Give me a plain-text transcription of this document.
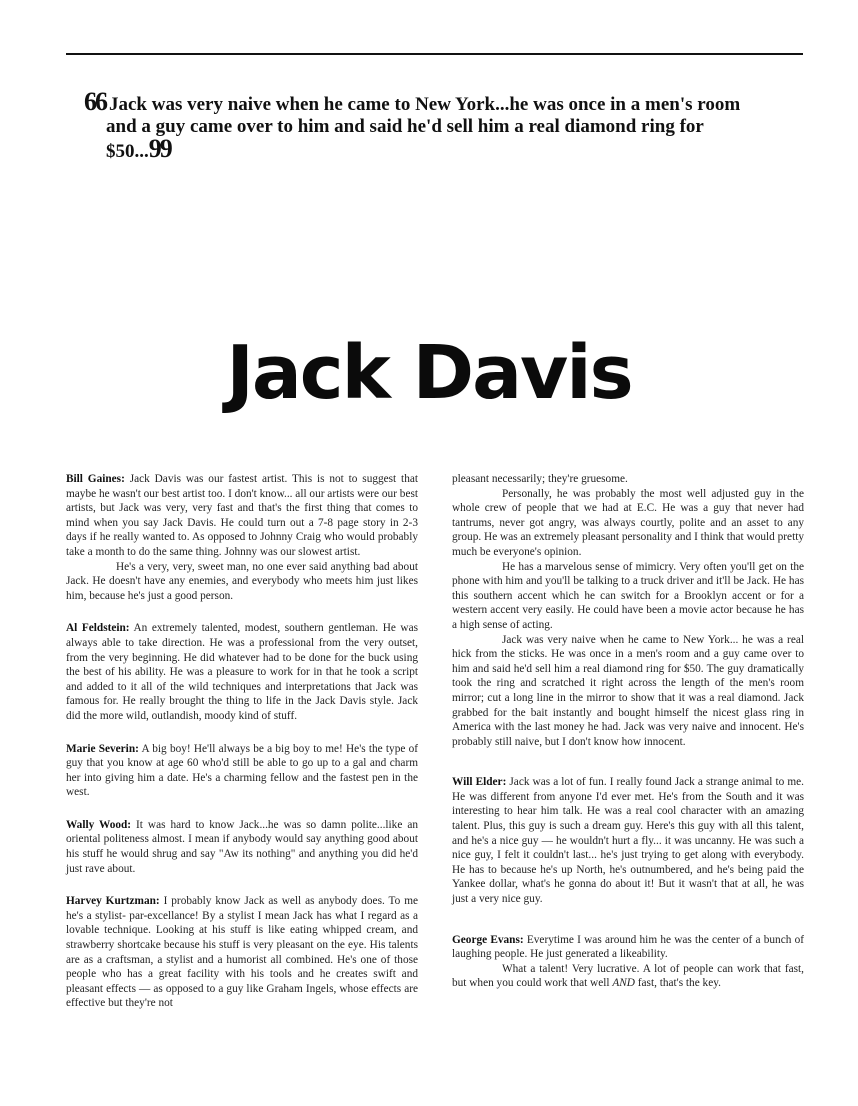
66 Jack was very naive when he came to New York...he was once in a men's room and a guy came over to him and said he'd sell him a real diamond ring for $50...99
Jack Davis

Bill Gaines: Jack Davis was our fastest artist. This is not to suggest that maybe he wasn't our best artist too. I don't know... all our artists were our best artists, but Jack was very, very fast and that's the first thing that comes to mind when you say Jack Davis. He could turn out a 7-8 page story in 2-3 days if he really wanted to. As opposed to Johnny Craig who would probably take a month to do the same thing. Johnny was our slowest artist.

He's a very, very, sweet man, no one ever said anything bad about Jack. He doesn't have any enemies, and everybody who meets him just likes him, because he's just a good person.

Al Feldstein: An extremely talented, modest, southern gentleman. He was always able to take direction. He was a professional from the very outset, from the very beginning. He did whatever had to be done for the buck using the best of his ability. He was a pleasure to work for in that he took a script and added to it all of the wild techniques and interpretations that Jack was famous for. He really brought the thing to life in the Jack Davis style. Jack did the more wild, outlandish, moody kind of stuff.

Marie Severin: A big boy! He'll always be a big boy to me! He's the type of guy that you know at age 60 who'd still be able to go up to a gal and charm her into giving him a date. He's a charming fellow and the fastest pen in the west.

Wally Wood: It was hard to know Jack...he was so damn polite...like an oriental politeness almost. I mean if anybody would say anything good about his stuff he would shrug and say "Aw its nothing" and anything you did he'd just rave about.

Harvey Kurtzman: I probably know Jack as well as anybody does. To me he's a stylist- par-excellance! By a stylist I mean Jack has what I regard as a lovable technique. Looking at his stuff is like eating whipped cream, and strawberry shortcake because his stuff is very pleasant on the eye. His talents are as a craftsman, a stylist and a humorist all combined. He's one of those people who has a great facility with his tools and he creates swift and pleasant effects — as opposed to a guy like Graham Ingels, whose effects are effective but they're not

pleasant necessarily; they're gruesome.

Personally, he was probably the most well adjusted guy in the whole crew of people that we had at E.C. He was a guy that never had tantrums, never got angry, was always courtly, polite and an asset to any group. He was an extremely pleasant personality and I think that would pretty much be everyone's opinion.

He has a marvelous sense of mimicry. Very often you'll get on the phone with him and you'll be talking to a truck driver and it'll be Jack. He has this southern accent which he can switch for a Brooklyn accent or for a western accent very easily. He could have been a movie actor because he has a high sense of acting.

Jack was very naive when he came to New York... he was a real hick from the sticks. He was once in a men's room and a guy came over to him and said he'd sell him a real diamond ring for $50. The guy dramatically took the ring and scratched it right across the length of the men's room mirror; cut a long line in the mirror to show that it was a real diamond. Jack grabbed for the bait instantly and bought himself the nicest glass ring in America with the last money he had. Jack was very naive and innocent. He's probably still naive, but I don't know how innocent.

Will Elder: Jack was a lot of fun. I really found Jack a strange animal to me. He was different from anyone I'd ever met. He's from the South and it was interesting to hear him talk. He was a real cool character with an amazing talent. Plus, this guy is such a dream guy. Here's this guy with all this talent, and he's a nice guy — he wouldn't hurt a fly... it was uncanny. He was such a nice guy, I felt it couldn't last... he's just trying to get along with everybody. He has to because he's up North, he's outnumbered, and he's being paid the Yankee dollar, what's he gonna do about it! But it wasn't that at all, he was just a very nice guy.

George Evans: Everytime I was around him he was the center of a bunch of laughing people. He just generated a likeability.

What a talent! Very lucrative. A lot of people can work that fast, but when you could work that well AND fast, that's the key.
